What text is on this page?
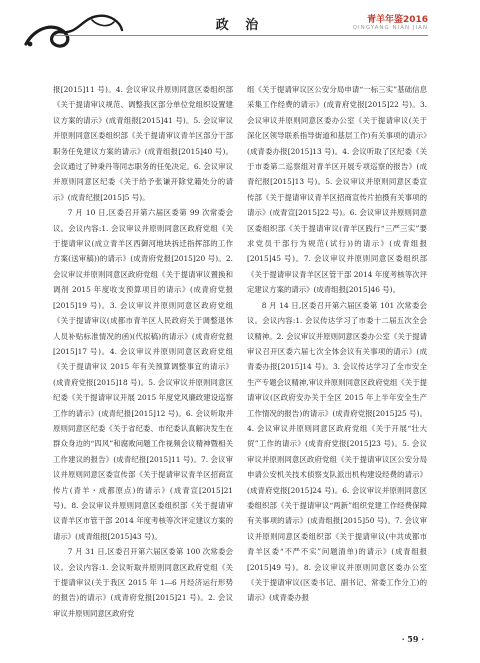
政 治	青羊年鉴2016
QINGYANG NIAN JIAN

报[2015]11 号)。4. 会议审议并原则同意区委组织部《关于提请审议规范、调整我区部分单位党组织设置建议方案的请示》(成青组报[2015]41 号)。5. 会议审议并原则同意区委组织部《关于提请审议青羊区部分干部职务任免建议方案的请示》(成青组报[2015]40 号)。会议通过了钟秉丹等同志职务的任免决定。6. 会议审议并原则同意区纪委《关于给予张谦开除党籍处分的请示》(成青纪报[2015]5 号)。

7 月 10 日,区委召开第六届区委第 99 次常委会议。会议内容:1. 会议审议并原则同意区政府党组《关于提请审议(成立青羊区西御河地块拆迁指挥部的工作方案(送审稿))的请示》(成青府党报[2015]20 号)。2. 会议审议并原则同意区政府党组《关于提请审议置换和调剂 2015 年度收支预算项目的请示》(成青府党报[2015]19 号)。3. 会议审议并原则同意区政府党组《关于提请审议(成都市青羊区人民政府关于调整退休人员补贴标准情况的函)(代拟稿)的请示》(成青府党报[2015]17 号)。4. 会议审议并原则同意区政府党组《关于提请审议 2015 年有关预算调整事宜的请示》(成青府党报[2015]18 号)。5. 会议审议并原则同意区纪委《关于提请审议开展 2015 年度党风廉政建设巡察工作的请示》(成青纪报[2015]12 号)。6. 会议听取并原则同意区纪委《关于省纪委、市纪委认真解决发生在群众身边的“四风”和腐败问题工作视频会议精神暨相关工作建议的报告》(成青纪报[2015]11 号)。7. 会议审议并原则同意区委宣传部《关于提请审议青羊区招商宣传片(青羊・成都原点)的请示》(成青宣[2015]21 号)。8. 会议审议并原则同意区委组织部《关于提请审议青羊区市管干部 2014 年度考核等次评定建议方案的请示》(成青组报[2015]43 号)。

7 月 31 日,区委召开第六届区委第 100 次常委会议。会议内容:1. 会议听取并原则同意区政府党组《关于提请审议(关于我区 2015 年 1—6 月经济运行形势的报告)的请示》(成青府党报[2015]21 号)。2. 会议审议并原则同意区政府党

组《关于提请审议区公安分局申请“一标三实”基础信息采集工作经费的请示》(成青府党报[2015]22 号)。3. 会议审议并原则同意区委办公室《关于提请审议(关于深化区领导联系指导街道和基层工作)有关事项的请示》(成青委办报[2015]13 号)。4. 会议听取了区纪委《关于市委第二巡察组对青羊区开展专项巡察的报告》(成青纪报[2015]13 号)。5. 会议审议并原则同意区委宣传部《关于提请审议青羊区招商宣传片拍摄有关事项的请示》(成青宣[2015]22 号)。6. 会议审议并原则同意区委组织部《关于提请审议(青羊区践行“三严三实”要求党员干部行为规范(试行))的请示》(成青组报[2015]45 号)。7. 会议审议并原则同意区委组织部《关于提请审议青羊区区管干部 2014 年度考核等次评定建议方案的请示》(成青组报[2015]46 号)。

8 月 14 日,区委召开第六届区委第 101 次常委会议。会议内容:1. 会议传达学习了市委十二届五次全会议精神。2. 会议审议并原则同意区委办公室《关于提请审议召开区委六届七次全体会议有关事项的请示》(成青委办报[2015]14 号)。3. 会议传达学习了全市安全生产专题会议精神,审议并原则同意区政府党组《关于提请审议(区政府安办关于全区 2015 年上半年安全生产工作情况的报告)的请示》(成青府党报[2015]25 号)。4. 会议审议并原则同意区政府党组《关于开展“壮大贸”工作的请示》(成青府党报[2015]23 号)。5. 会议审议并原则同意区政府党组《关于提请审议区公安分局申请公安机关技术侦察支队派出机构建设经费的请示》(成青府党报[2015]24 号)。6. 会议审议并原则同意区委组织部《关于提请审议“两新”组织党建工作经费保障有关事项的请示》(成青组报[2015]50 号)。7. 会议审议并原则同意区委组织部《关于提请审议(中共成都市青羊区委“不严不实”问题清单)的请示》(成青组报[2015]49 号)。8. 会议审议并原则同意区委办公室《关于提请审议(区委书记、副书记、常委工作分工)的请示》(成青委办报

· 59 ·
